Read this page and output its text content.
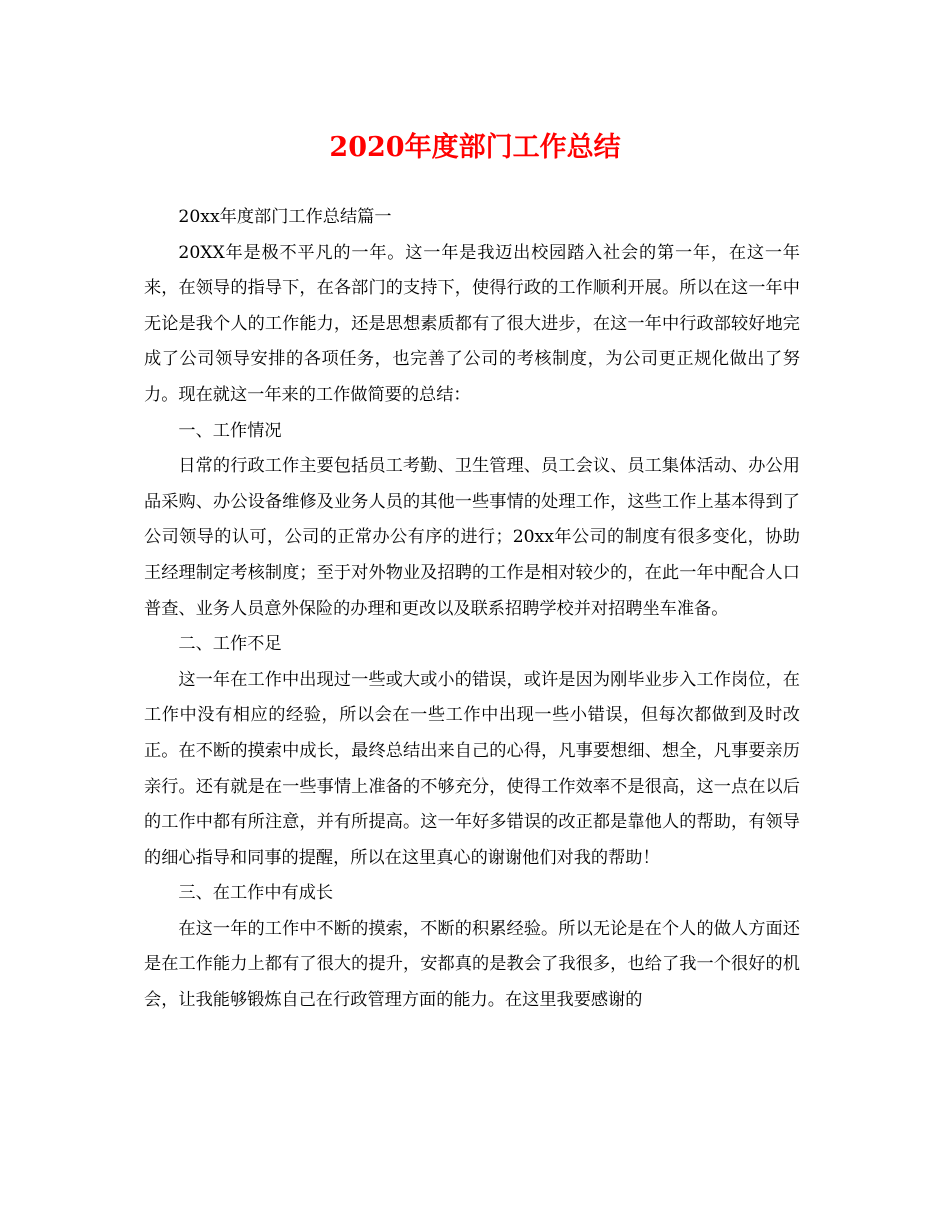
2020年度部门工作总结

20xx年度部门工作总结篇一

20XX年是极不平凡的一年。这一年是我迈出校园踏入社会的第一年，在这一年来，在领导的指导下，在各部门的支持下，使得行政的工作顺利开展。所以在这一年中无论是我个人的工作能力，还是思想素质都有了很大进步，在这一年中行政部较好地完成了公司领导安排的各项任务，也完善了公司的考核制度，为公司更正规化做出了努力。现在就这一年来的工作做简要的总结：

一、工作情况

日常的行政工作主要包括员工考勤、卫生管理、员工会议、员工集体活动、办公用品采购、办公设备维修及业务人员的其他一些事情的处理工作，这些工作上基本得到了公司领导的认可，公司的正常办公有序的进行；20xx年公司的制度有很多变化，协助王经理制定考核制度；至于对外物业及招聘的工作是相对较少的，在此一年中配合人口普查、业务人员意外保险的办理和更改以及联系招聘学校并对招聘坐车准备。

二、工作不足

这一年在工作中出现过一些或大或小的错误，或许是因为刚毕业步入工作岗位，在工作中没有相应的经验，所以会在一些工作中出现一些小错误，但每次都做到及时改正。在不断的摸索中成长，最终总结出来自己的心得，凡事要想细、想全，凡事要亲历亲行。还有就是在一些事情上准备的不够充分，使得工作效率不是很高，这一点在以后的工作中都有所注意，并有所提高。这一年好多错误的改正都是靠他人的帮助，有领导的细心指导和同事的提醒，所以在这里真心的谢谢他们对我的帮助！

三、在工作中有成长

在这一年的工作中不断的摸索，不断的积累经验。所以无论是在个人的做人方面还是在工作能力上都有了很大的提升，安都真的是教会了我很多，也给了我一个很好的机会，让我能够锻炼自己在行政管理方面的能力。在这里我要感谢的
